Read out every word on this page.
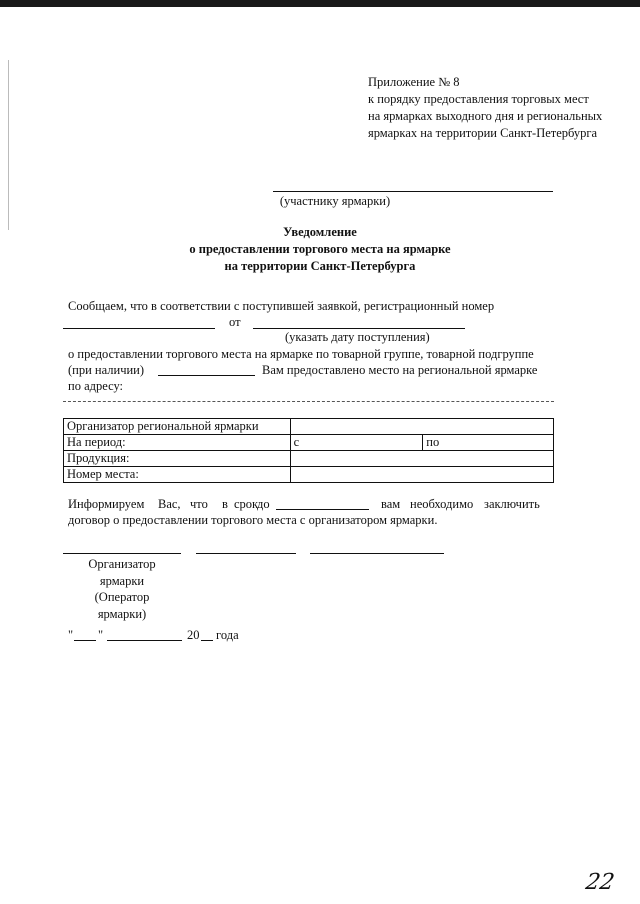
Приложение № 8
к порядку предоставления торговых мест
на ярмарках выходного дня и региональных
ярмарках на территории Санкт-Петербурга
(участнику ярмарки)
Уведомление
о предоставлении торгового места на ярмарке
на территории Санкт-Петербурга
Сообщаем, что в соответствии с поступившей заявкой, регистрационный номер
от
(указать дату поступления)
о предоставлении торгового места на ярмарке по товарной группе, товарной подгруппе
(при наличии)	Вам предоставлено место на региональной ярмарке
по адресу:
Организатор региональной ярмарки		
На период:	с	по
Продукция:		
Номер места:		
Информируем Вас, что в срок
до	вам необходимо заключить
договор о предоставлении торгового места с организатором ярмарки.
Организатор
ярмарки
(Оператор
ярмарки)
" "	20 года
22
